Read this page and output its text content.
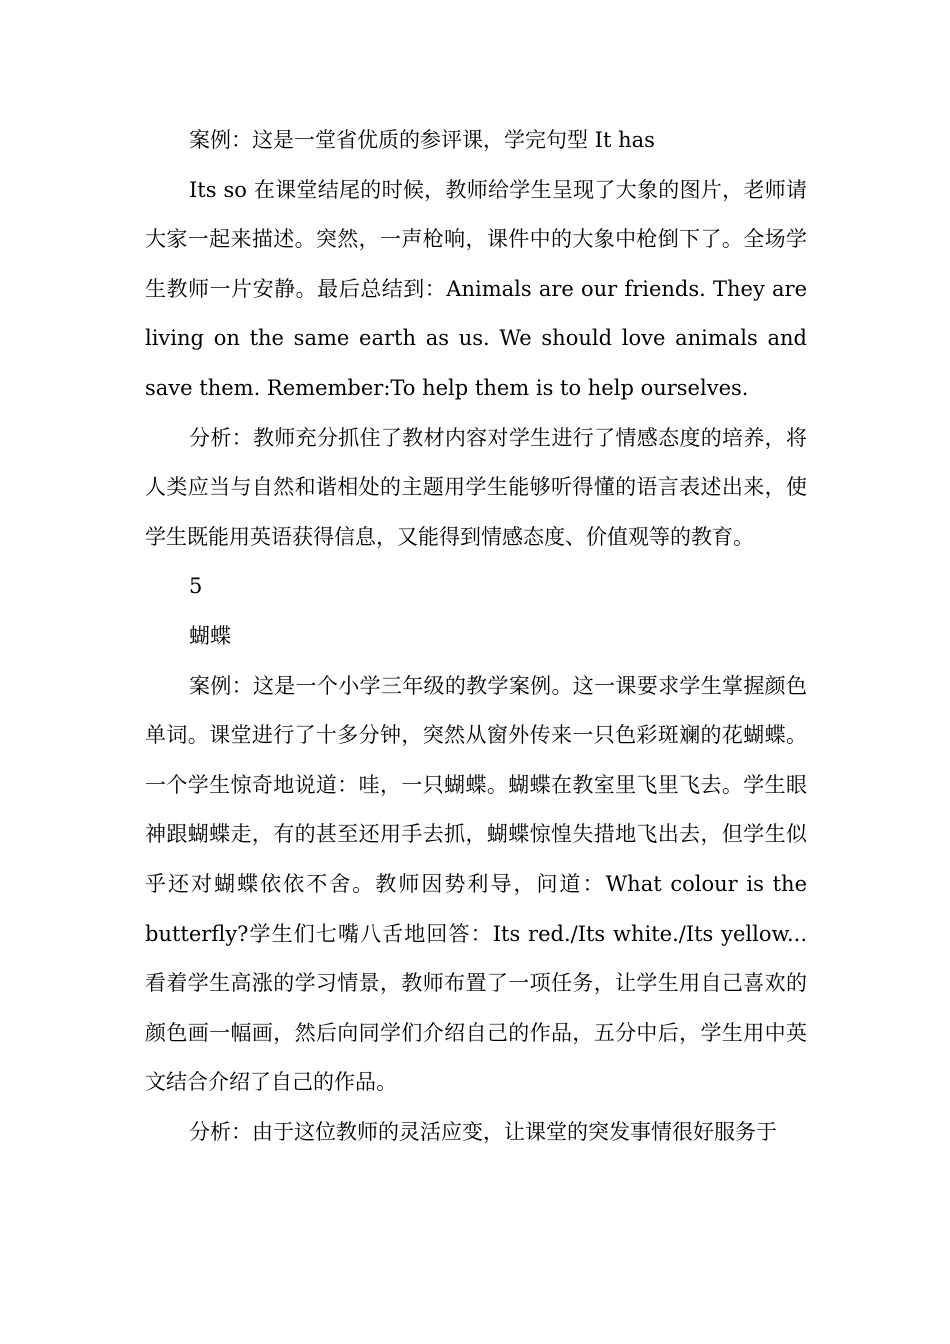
案例：这是一堂省优质的参评课，学完句型 It has

Its so 在课堂结尾的时候，教师给学生呈现了大象的图片，老师请大家一起来描述。突然，一声枪响，课件中的大象中枪倒下了。全场学生教师一片安静。最后总结到：Animals are our friends. They are living on the same earth as us. We should love animals and save them. Remember:To help them is to help ourselves.

分析：教师充分抓住了教材内容对学生进行了情感态度的培养，将人类应当与自然和谐相处的主题用学生能够听得懂的语言表述出来，使学生既能用英语获得信息，又能得到情感态度、价值观等的教育。

5

蝴蝶

案例：这是一个小学三年级的教学案例。这一课要求学生掌握颜色单词。课堂进行了十多分钟，突然从窗外传来一只色彩斑斓的花蝴蝶。一个学生惊奇地说道：哇，一只蝴蝶。蝴蝶在教室里飞里飞去。学生眼神跟蝴蝶走，有的甚至还用手去抓，蝴蝶惊惶失措地飞出去，但学生似乎还对蝴蝶依依不舍。教师因势利导，问道：What colour is the butterfly?学生们七嘴八舌地回答：Its red./Its white./Its yellow... 看着学生高涨的学习情景，教师布置了一项任务，让学生用自己喜欢的颜色画一幅画，然后向同学们介绍自己的作品，五分中后，学生用中英文结合介绍了自己的作品。

分析：由于这位教师的灵活应变，让课堂的突发事情很好服务于
